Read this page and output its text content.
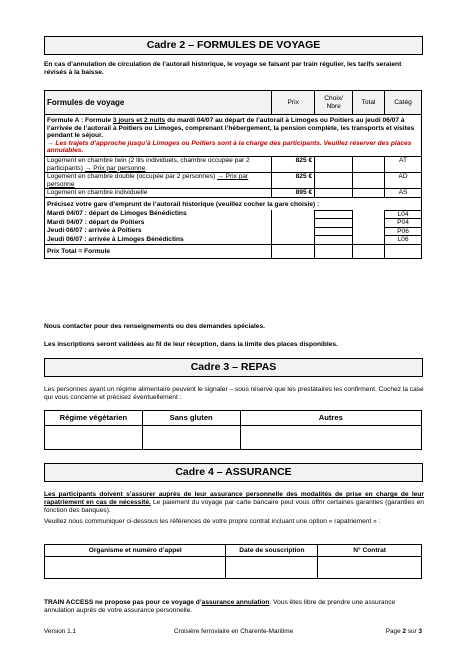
Cadre 2 – FORMULES DE VOYAGE
En cas d’annulation de circulation de l’autorail historique, le voyage se faisant par train régulier, les tarifs seraient révisés à la baisse.
Formules de voyage	Prix	Choix/ Nbre	Total	Catég
Formule A : Formule 3 jours et 2 nuits du mardi 04/07 au départ de l’autorail à Limoges ou Poitiers au jeudi 06/07 à l’arrivée de l’autorail à Poitiers ou Limoges, comprenant l’hébergement, la pension complète, les transports et visites pendant le séjour.
→ Les trajets d’approche jusqu’à Limoges ou Poitiers sont à la charge des participants. Veuillez réserver des places annulables.				
Logement en chambre twin (2 lits individuels, chambre occupée par 2 participants) → Prix par personne	825 €			AT
Logement en chambre double (occupée par 2 personnes) → Prix par personne	825 €			AD
Logement en chambre individuelle	895 €			AS
Précisez votre gare d’emprunt de l’autorail historique (veuillez cocher la gare choisie) :				
Mardi 04/07 : départ de Limoges Bénédictins				L04
Mardi 04/07 : départ de Poitiers				P04
Jeudi 06/07 : arrivée à Poitiers				P06
Jeudi 06/07 : arrivée à Limoges Bénédictins				L06
Prix Total = Formule				
Nous contacter pour des renseignements ou des demandes spéciales.
Les inscriptions seront validées au fil de leur réception, dans la limite des places disponibles.
Cadre 3 – REPAS
Les personnes ayant un régime alimentaire peuvent le signaler – sous réserve que les prestataires les confirment. Cochez la case qui vous concerne et précisez éventuellement :
Régime végétarien	Sans gluten	Autres

Cadre 4 – ASSURANCE
Les participants doivent s’assurer auprès de leur assurance personnelle des modalités de prise en charge de leur rapatriement en cas de nécessité. Le paiement du voyage par carte bancaire peut vous offrir certaines garanties (garanties en fonction des banques).
Veuillez nous communiquer ci-dessous les références de votre propre contrat incluant une option « rapatriement » :
Organisme et numéro d’appel	Date de souscription	N° Contrat

TRAIN ACCESS ne propose pas pour ce voyage d’assurance annulation. Vous êtes libre de prendre une assurance annulation auprès de votre assurance personnelle.
Version 1.1	Croisière ferroviaire en Charente-Maritime	Page 2 sur 3
